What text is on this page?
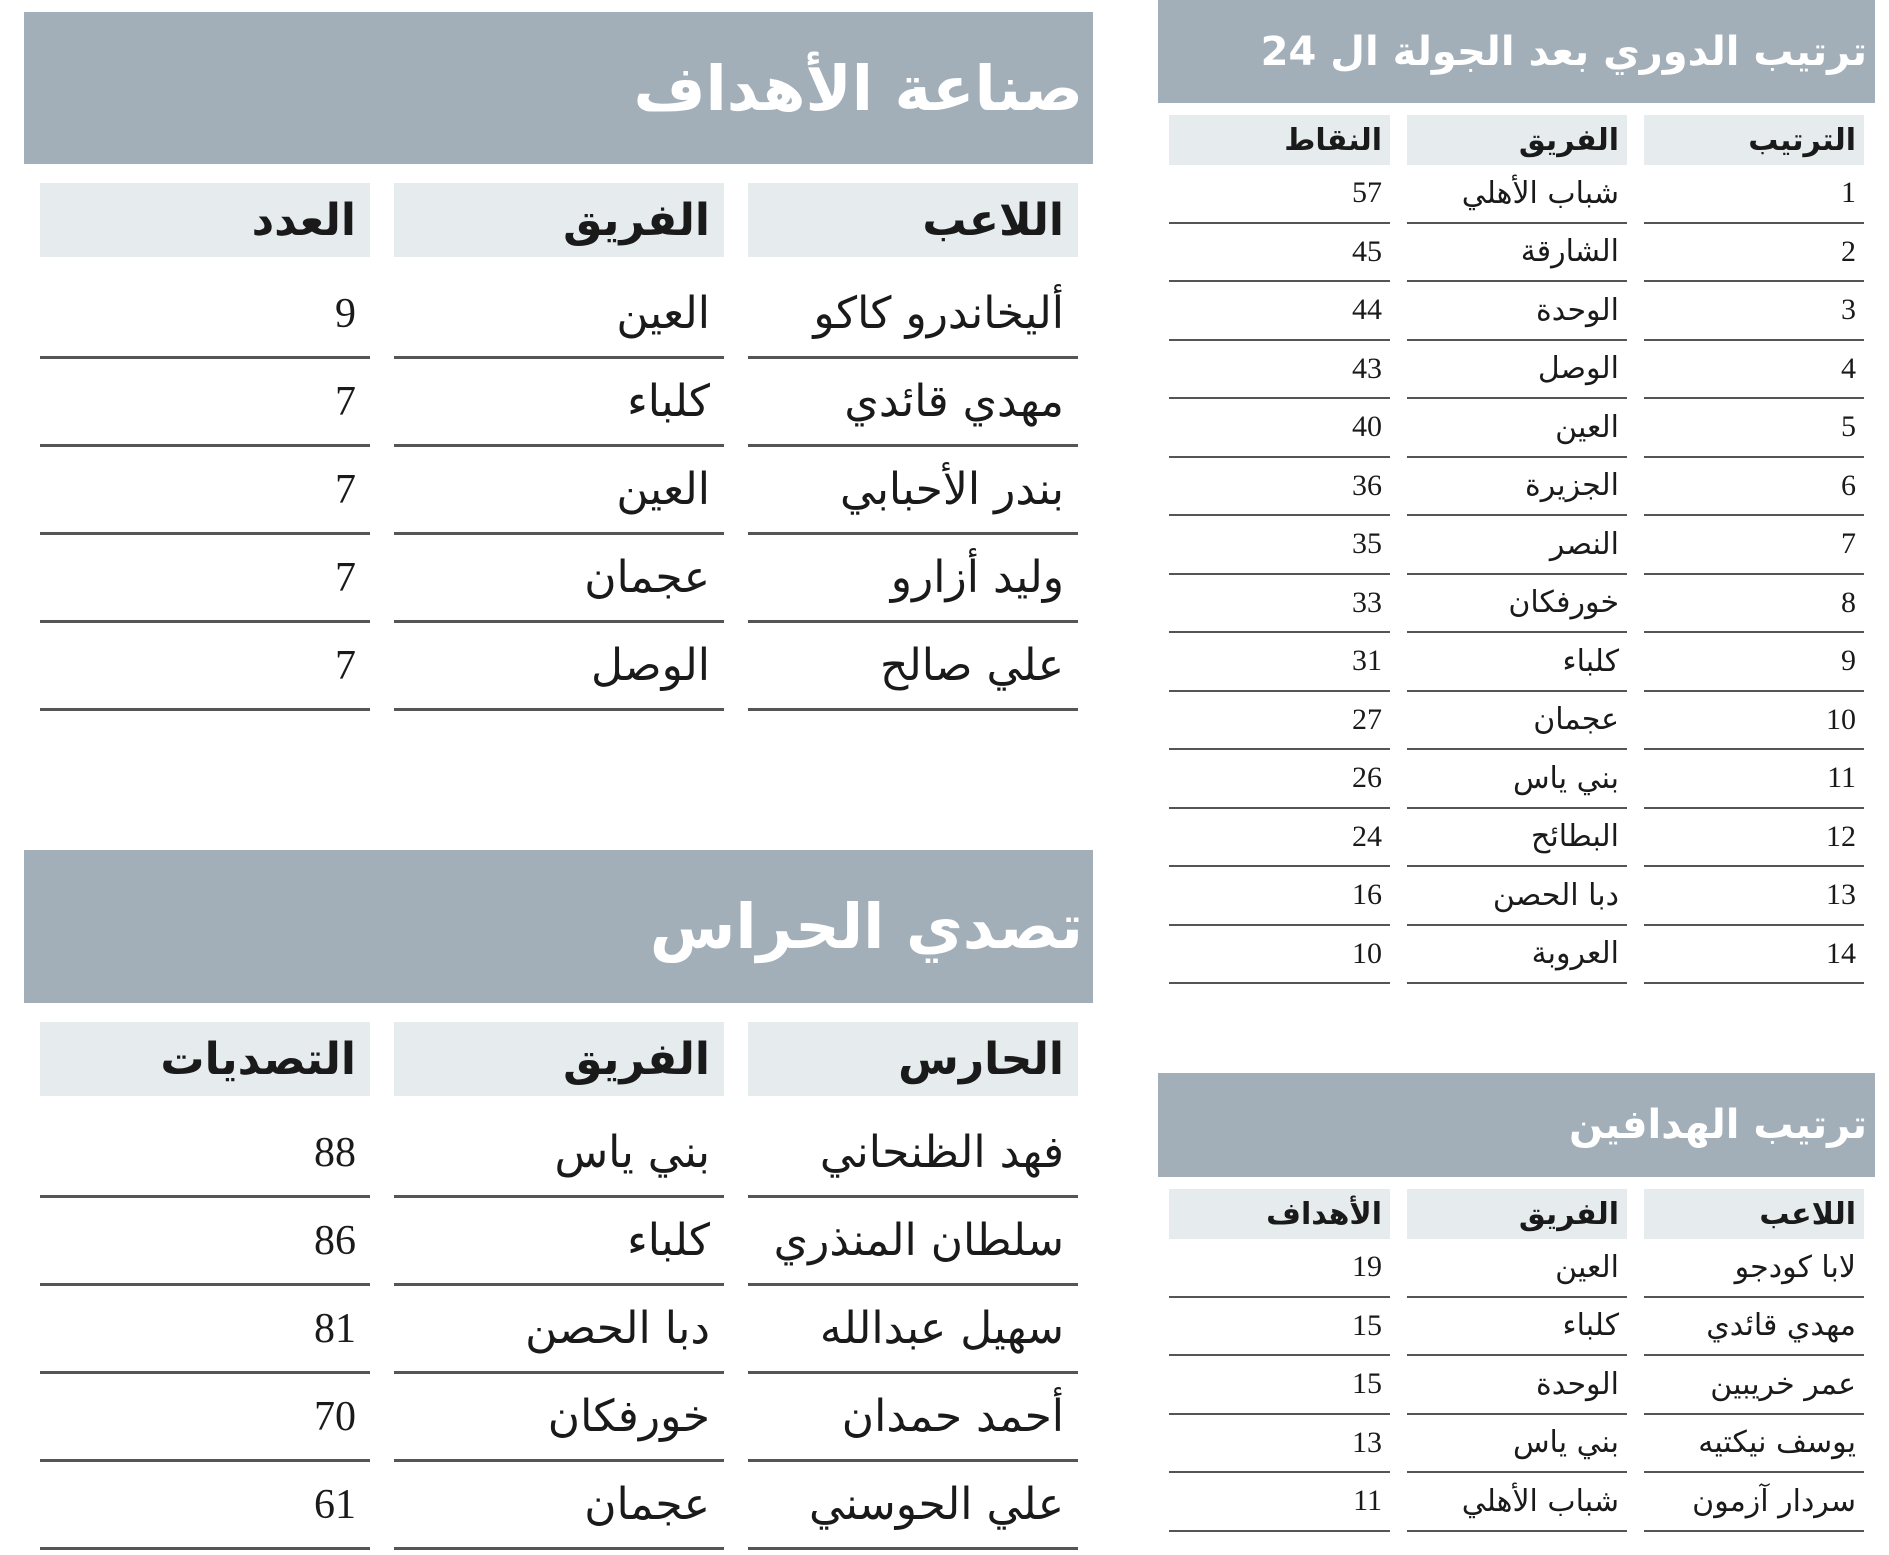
صناعة الأهداف
اللاعب
أليخاندرو كاكو
مهدي قائدي
بندر الأحبابي
وليد أزارو
علي صالح
الفريق
العين
كلباء
العين
عجمان
الوصل
العدد
9
7
7
7
7
تصدي الحراس
الحارس
فهد الظنحاني
سلطان المنذري
سهيل عبدالله
أحمد حمدان
علي الحوسني
الفريق
بني ياس
كلباء
دبا الحصن
خورفكان
عجمان
التصديات
88
86
81
70
61
ترتيب الدوري بعد الجولة ال 24
الترتيب
1
2
3
4
5
6
7
8
9
10
11
12
13
14
الفريق
شباب الأهلي
الشارقة
الوحدة
الوصل
العين
الجزيرة
النصر
خورفكان
كلباء
عجمان
بني ياس
البطائح
دبا الحصن
العروبة
النقاط
57
45
44
43
40
36
35
33
31
27
26
24
16
10
ترتيب الهدافين
اللاعب
لابا كودجو
مهدي قائدي
عمر خريبين
يوسف نيكتيه
سردار آزمون
الفريق
العين
كلباء
الوحدة
بني ياس
شباب الأهلي
الأهداف
19
15
15
13
11
